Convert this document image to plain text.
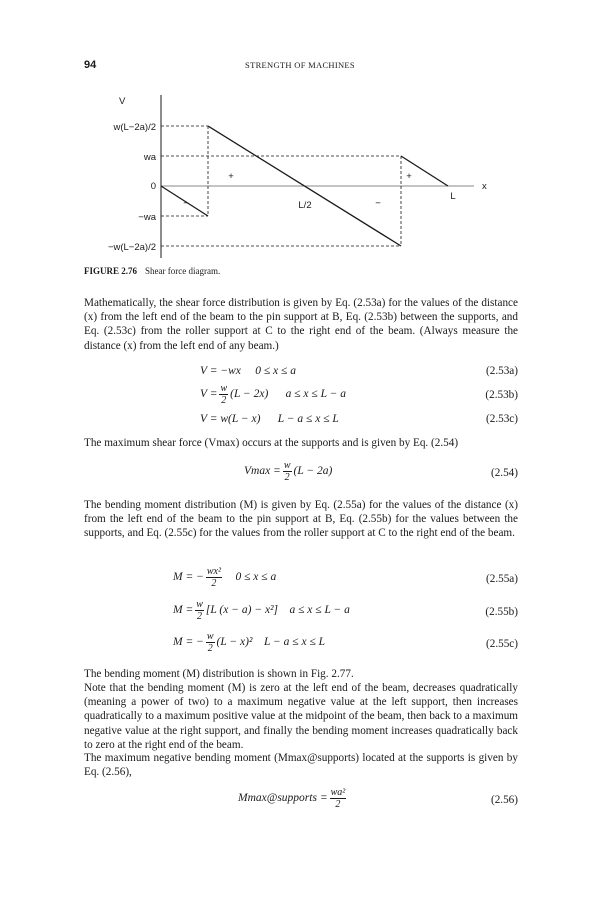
94	STRENGTH OF MACHINES
V
x
w(L−2a)/2
wa
0
−wa
−w(L−2a)/2
−
+
−
+
L/2
L
FIGURE 2.76 Shear force diagram.

Mathematically, the shear force distribution is given by Eq. (2.53a) for the values of the distance (x) from the left end of the beam to the pin support at B, Eq. (2.53b) between the supports, and Eq. (2.53c) from the roller support at C to the right end of the beam. (Always measure the distance (x) from the left end of any beam.)

V = −wx 0 ≤ x ≤ a	(2.53a)
$V = \frac{w}{2} (L - 2x) a \le x \le L - a$	(2.53b)
V = w(L − x) L − a ≤ x ≤ L	(2.53c)

The maximum shear force (Vmax) occurs at the supports and is given by Eq. (2.54)

$Vmax = \frac{w}{2} (L - 2a)$	(2.54)

The bending moment distribution (M) is given by Eq. (2.55a) for the values of the distance (x) from the left end of the beam to the pin support at B, Eq. (2.55b) for the values between the supports, and Eq. (2.55c) for the values from the roller support at C to the right end of the beam.

M = − $\frac{\text{wx²}}{2} 0 \le x \le a$	(2.55a)
$M = \frac{w}{2} [L$ (x − a) − x²] a ≤ x ≤ L − a	(2.55b)
M = − $\frac{w}{2} (L - x)^2$ L − a ≤ x ≤ L	(2.55c)

The bending moment (M) distribution is shown in Fig. 2.77.

Note that the bending moment (M) is zero at the left end of the beam, decreases quadratically (meaning a power of two) to a maximum negative value at the left support, then increases quadratically to a maximum positive value at the midpoint of the beam, then back to a maximum negative value at the right support, and finally the bending moment increases quadratically back to zero at the right end of the beam.

The maximum negative bending moment (Mmax@supports) located at the supports is given by Eq. (2.56),

Mmax@supports = $\frac{\text{wa²}}{2}$	(2.56)
